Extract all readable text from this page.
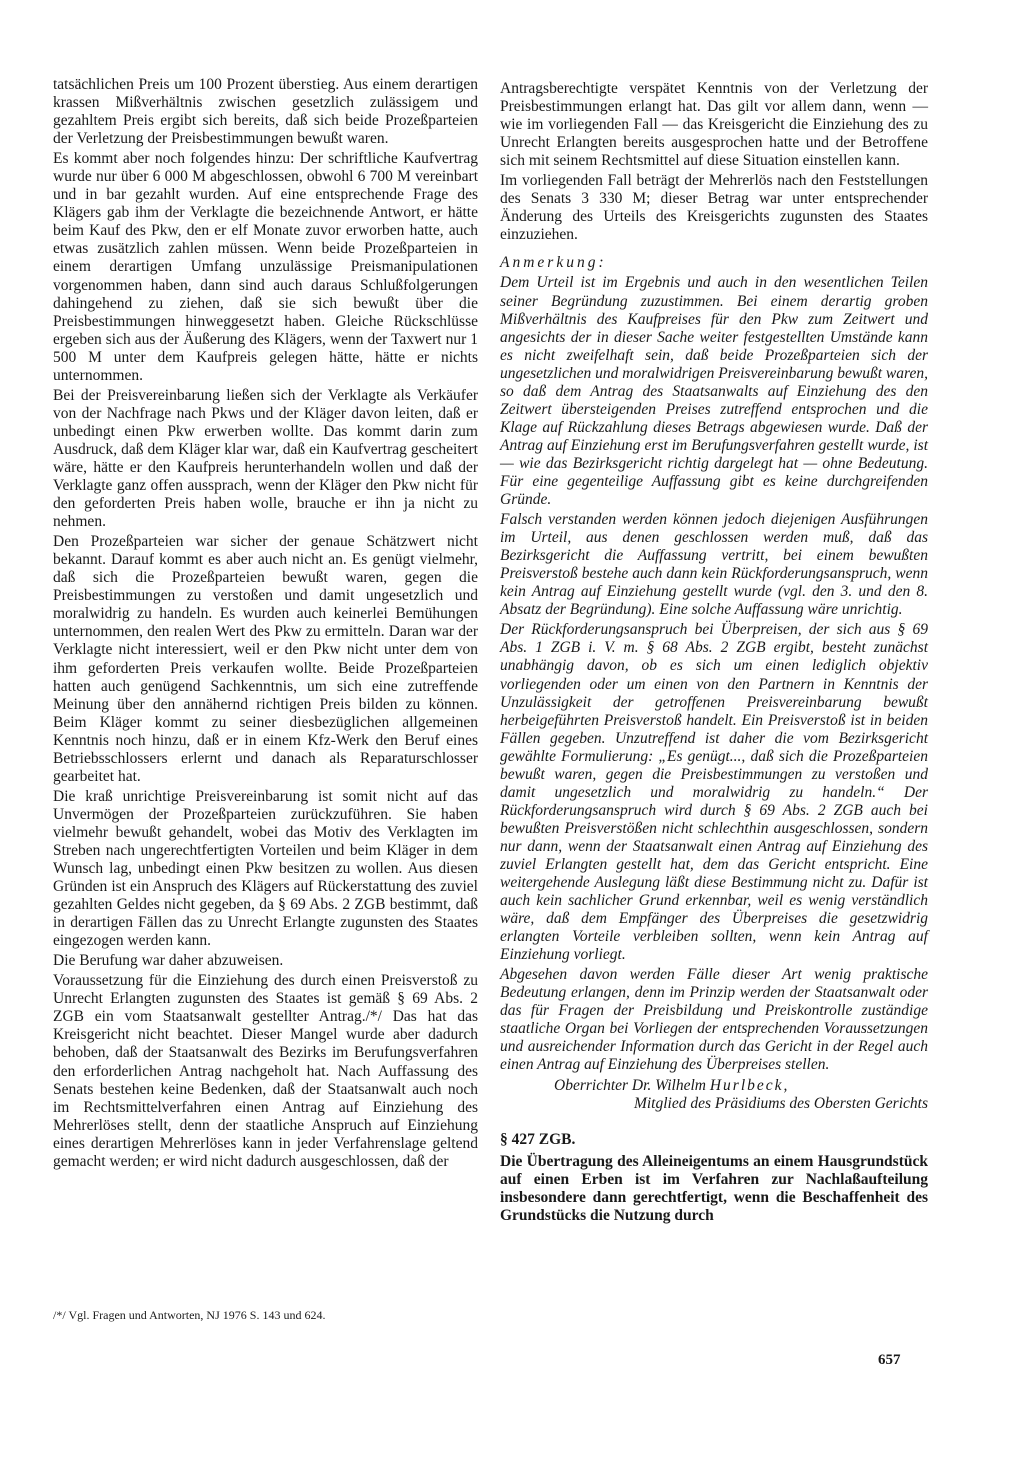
tatsächlichen Preis um 100 Prozent überstieg. Aus einem derartigen krassen Mißverhältnis zwischen gesetzlich zulässigem und gezahltem Preis ergibt sich bereits, daß sich beide Prozeßparteien der Verletzung der Preisbestimmungen bewußt waren.

Es kommt aber noch folgendes hinzu: Der schriftliche Kaufvertrag wurde nur über 6 000 M abgeschlossen, obwohl 6 700 M vereinbart und in bar gezahlt wurden. Auf eine entsprechende Frage des Klägers gab ihm der Verklagte die bezeichnende Antwort, er hätte beim Kauf des Pkw, den er elf Monate zuvor erworben hatte, auch etwas zusätzlich zahlen müssen. Wenn beide Prozeßparteien in einem derartigen Umfang unzulässige Preismanipulationen vorgenommen haben, dann sind auch daraus Schlußfolgerungen dahingehend zu ziehen, daß sie sich bewußt über die Preisbestimmungen hinweggesetzt haben. Gleiche Rückschlüsse ergeben sich aus der Äußerung des Klägers, wenn der Taxwert nur 1 500 M unter dem Kaufpreis gelegen hätte, hätte er nichts unternommen.

Bei der Preisvereinbarung ließen sich der Verklagte als Verkäufer von der Nachfrage nach Pkws und der Kläger davon leiten, daß er unbedingt einen Pkw erwerben wollte. Das kommt darin zum Ausdruck, daß dem Kläger klar war, daß ein Kaufvertrag gescheitert wäre, hätte er den Kaufpreis herunterhandeln wollen und daß der Verklagte ganz offen aussprach, wenn der Kläger den Pkw nicht für den geforderten Preis haben wolle, brauche er ihn ja nicht zu nehmen.

Den Prozeßparteien war sicher der genaue Schätzwert nicht bekannt. Darauf kommt es aber auch nicht an. Es genügt vielmehr, daß sich die Prozeßparteien bewußt waren, gegen die Preisbestimmungen zu verstoßen und damit ungesetzlich und moralwidrig zu handeln. Es wurden auch keinerlei Bemühungen unternommen, den realen Wert des Pkw zu ermitteln. Daran war der Verklagte nicht interessiert, weil er den Pkw nicht unter dem von ihm geforderten Preis verkaufen wollte. Beide Prozeßparteien hatten auch genügend Sachkenntnis, um sich eine zutreffende Meinung über den annähernd richtigen Preis bilden zu können. Beim Kläger kommt zu seiner diesbezüglichen allgemeinen Kenntnis noch hinzu, daß er in einem Kfz-Werk den Beruf eines Betriebsschlossers erlernt und danach als Reparaturschlosser gearbeitet hat.

Die kraß unrichtige Preisvereinbarung ist somit nicht auf das Unvermögen der Prozeßparteien zurückzuführen. Sie haben vielmehr bewußt gehandelt, wobei das Motiv des Verklagten im Streben nach ungerechtfertigten Vorteilen und beim Kläger in dem Wunsch lag, unbedingt einen Pkw besitzen zu wollen. Aus diesen Gründen ist ein Anspruch des Klägers auf Rückerstattung des zuviel gezahlten Geldes nicht gegeben, da § 69 Abs. 2 ZGB bestimmt, daß in derartigen Fällen das zu Unrecht Erlangte zugunsten des Staates eingezogen werden kann.

Die Berufung war daher abzuweisen.

Voraussetzung für die Einziehung des durch einen Preisverstoß zu Unrecht Erlangten zugunsten des Staates ist gemäß § 69 Abs. 2 ZGB ein vom Staatsanwalt gestellter Antrag./*/ Das hat das Kreisgericht nicht beachtet. Dieser Mangel wurde aber dadurch behoben, daß der Staatsanwalt des Bezirks im Berufungsverfahren den erforderlichen Antrag nachgeholt hat. Nach Auffassung des Senats bestehen keine Bedenken, daß der Staatsanwalt auch noch im Rechtsmittelverfahren einen Antrag auf Einziehung des Mehrerlöses stellt, denn der staatliche Anspruch auf Einziehung eines derartigen Mehrerlöses kann in jeder Verfahrenslage geltend gemacht werden; er wird nicht dadurch ausgeschlossen, daß der

/*/ Vgl. Fragen und Antworten, NJ 1976 S. 143 und 624.

Antragsberechtigte verspätet Kenntnis von der Verletzung der Preisbestimmungen erlangt hat. Das gilt vor allem dann, wenn — wie im vorliegenden Fall — das Kreisgericht die Einziehung des zu Unrecht Erlangten bereits ausgesprochen hatte und der Betroffene sich mit seinem Rechtsmittel auf diese Situation einstellen kann.

Im vorliegenden Fall beträgt der Mehrerlös nach den Feststellungen des Senats 3 330 M; dieser Betrag war unter entsprechender Änderung des Urteils des Kreisgerichts zugunsten des Staates einzuziehen.

Anmerkung:

Dem Urteil ist im Ergebnis und auch in den wesentlichen Teilen seiner Begründung zuzustimmen. Bei einem derartig groben Mißverhältnis des Kaufpreises für den Pkw zum Zeitwert und angesichts der in dieser Sache weiter festgestellten Umstände kann es nicht zweifelhaft sein, daß beide Prozeßparteien sich der ungesetzlichen und moralwidrigen Preisvereinbarung bewußt waren, so daß dem Antrag des Staatsanwalts auf Einziehung des den Zeitwert übersteigenden Preises zutreffend entsprochen und die Klage auf Rückzahlung dieses Betrags abgewiesen wurde. Daß der Antrag auf Einziehung erst im Berufungsverfahren gestellt wurde, ist — wie das Bezirksgericht richtig dargelegt hat — ohne Bedeutung. Für eine gegenteilige Auffassung gibt es keine durchgreifenden Gründe.

Falsch verstanden werden können jedoch diejenigen Ausführungen im Urteil, aus denen geschlossen werden muß, daß das Bezirksgericht die Auffassung vertritt, bei einem bewußten Preisverstoß bestehe auch dann kein Rückforderungsanspruch, wenn kein Antrag auf Einziehung gestellt wurde (vgl. den 3. und den 8. Absatz der Begründung). Eine solche Auffassung wäre unrichtig.

Der Rückforderungsanspruch bei Überpreisen, der sich aus § 69 Abs. 1 ZGB i. V. m. § 68 Abs. 2 ZGB ergibt, besteht zunächst unabhängig davon, ob es sich um einen lediglich objektiv vorliegenden oder um einen von den Partnern in Kenntnis der Unzulässigkeit der getroffenen Preisvereinbarung bewußt herbeigeführten Preisverstoß handelt. Ein Preisverstoß ist in beiden Fällen gegeben. Unzutreffend ist daher die vom Bezirksgericht gewählte Formulierung: „Es genügt..., daß sich die Prozeßparteien bewußt waren, gegen die Preisbestimmungen zu verstoßen und damit ungesetzlich und moralwidrig zu handeln.“ Der Rückforderungsanspruch wird durch § 69 Abs. 2 ZGB auch bei bewußten Preisverstößen nicht schlechthin ausgeschlossen, sondern nur dann, wenn der Staatsanwalt einen Antrag auf Einziehung des zuviel Erlangten gestellt hat, dem das Gericht entspricht. Eine weitergehende Auslegung läßt diese Bestimmung nicht zu. Dafür ist auch kein sachlicher Grund erkennbar, weil es wenig verständlich wäre, daß dem Empfänger des Überpreises die gesetzwidrig erlangten Vorteile verbleiben sollten, wenn kein Antrag auf Einziehung vorliegt.

Abgesehen davon werden Fälle dieser Art wenig praktische Bedeutung erlangen, denn im Prinzip werden der Staatsanwalt oder das für Fragen der Preisbildung und Preiskontrolle zuständige staatliche Organ bei Vorliegen der entsprechenden Voraussetzungen und ausreichender Information durch das Gericht in der Regel auch einen Antrag auf Einziehung des Überpreises stellen.

Oberrichter Dr. Wilhelm Hurlbeck,
Mitglied des Präsidiums des Obersten Gerichts
§ 427 ZGB.

Die Übertragung des Alleineigentums an einem Hausgrundstück auf einen Erben ist im Verfahren zur Nachlaßaufteilung insbesondere dann gerechtfertigt, wenn die Beschaffenheit des Grundstücks die Nutzung durch

657
